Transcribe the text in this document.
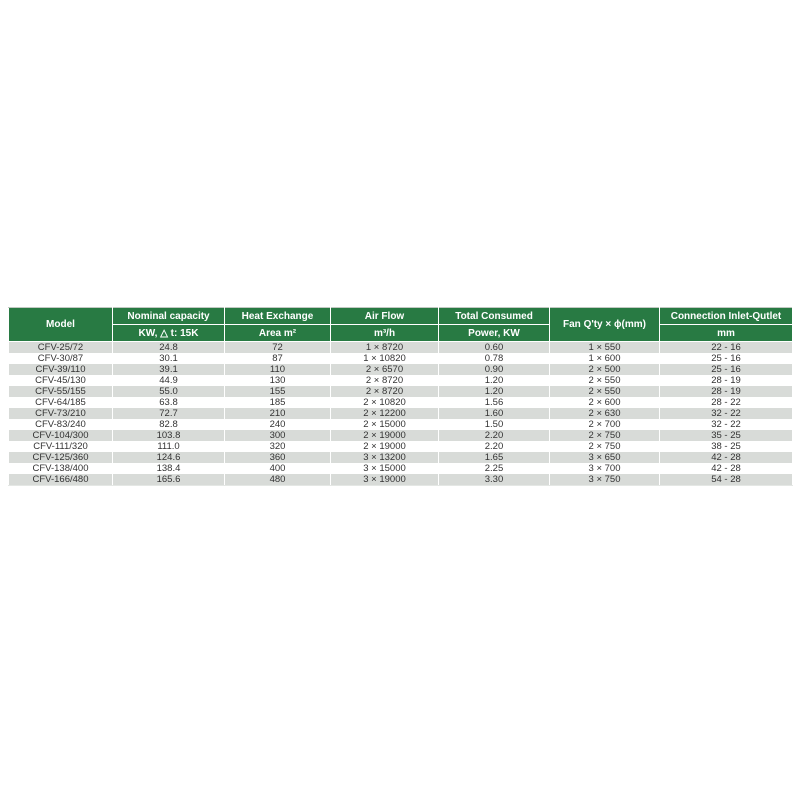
Model	Nominal capacity	Heat Exchange	Air Flow	Total Consumed	Fan Q'ty × ϕ(mm)	Connection Inlet-Qutlet
	KW, △ t: 15K	Area m²	m³/h	Power, KW		mm
CFV-25/72	24.8	72	1 × 8720	0.60	1 × 550	22 - 16
CFV-30/87	30.1	87	1 × 10820	0.78	1 × 600	25 - 16
CFV-39/110	39.1	110	2 × 6570	0.90	2 × 500	25 - 16
CFV-45/130	44.9	130	2 × 8720	1.20	2 × 550	28 - 19
CFV-55/155	55.0	155	2 × 8720	1.20	2 × 550	28 - 19
CFV-64/185	63.8	185	2 × 10820	1.56	2 × 600	28 - 22
CFV-73/210	72.7	210	2 × 12200	1.60	2 × 630	32 - 22
CFV-83/240	82.8	240	2 × 15000	1.50	2 × 700	32 - 22
CFV-104/300	103.8	300	2 × 19000	2.20	2 × 750	35 - 25
CFV-111/320	111.0	320	2 × 19000	2.20	2 × 750	38 - 25
CFV-125/360	124.6	360	3 × 13200	1.65	3 × 650	42 - 28
CFV-138/400	138.4	400	3 × 15000	2.25	3 × 700	42 - 28
CFV-166/480	165.6	480	3 × 19000	3.30	3 × 750	54 - 28
